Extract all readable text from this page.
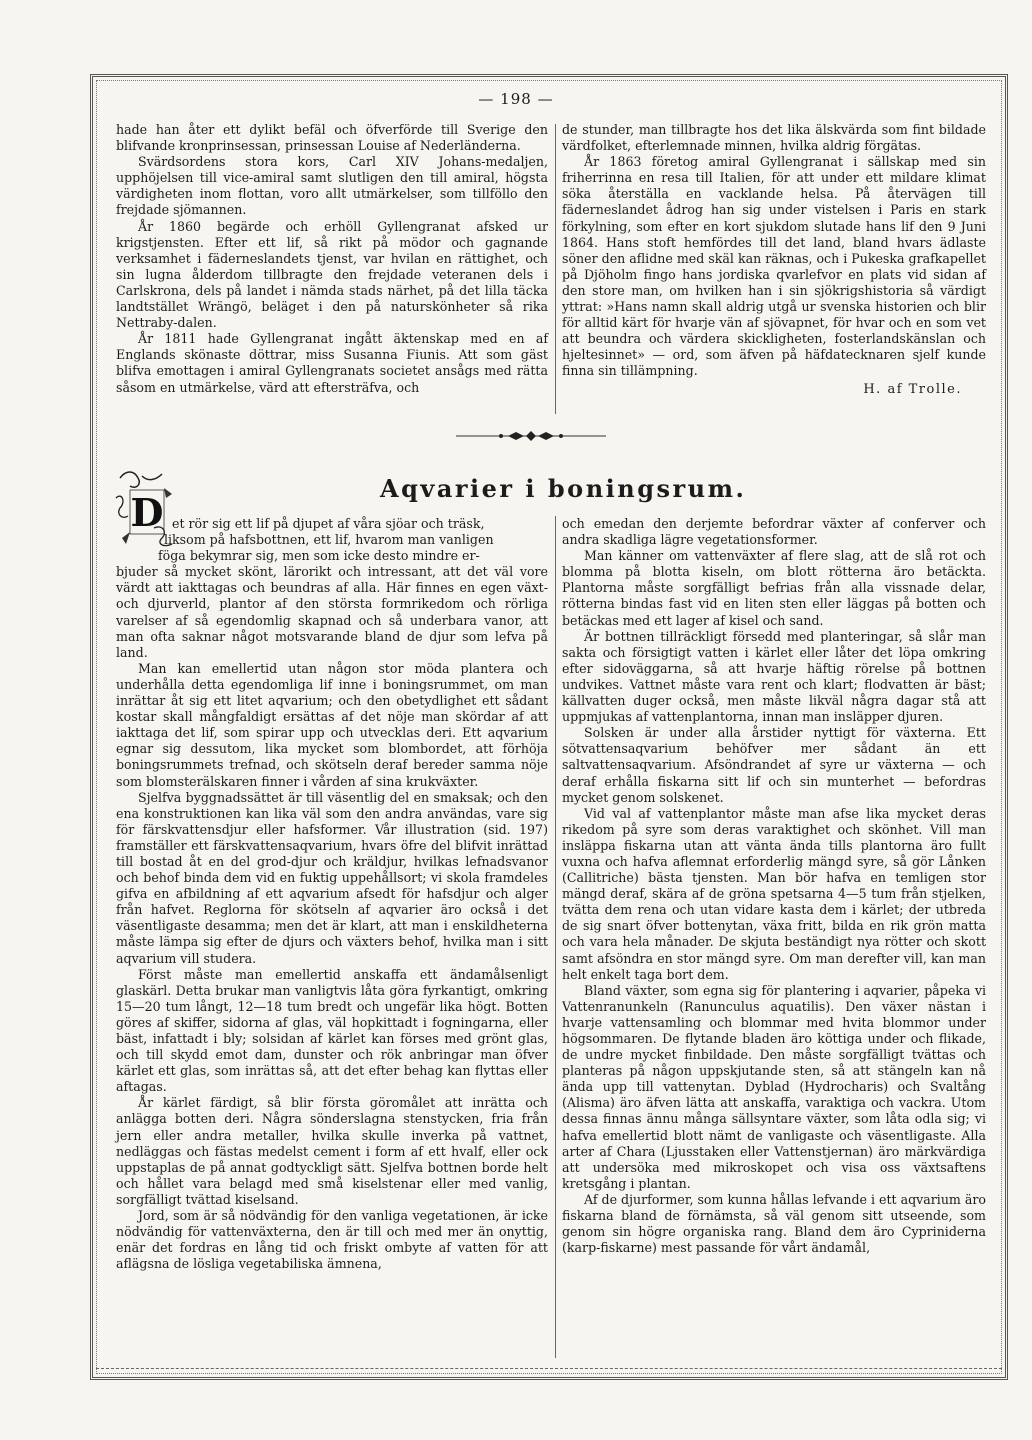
— 198 —

hade han åter ett dylikt befäl och öfverförde till Sverige den blifvande kronprinsessan, prinsessan Louise af Nederländerna.

Svärdsordens stora kors, Carl XIV Johans-medaljen, upphöjelsen till vice-amiral samt slutligen den till amiral, högsta värdigheten inom flottan, voro allt utmärkelser, som tillföllo den frejdade sjömannen.

År 1860 begärde och erhöll Gyllengranat afsked ur krigstjensten. Efter ett lif, så rikt på mödor och gagnande verksamhet i fäderneslandets tjenst, var hvilan en rättighet, och sin lugna ålderdom tillbragte den frejdade veteranen dels i Carlskrona, dels på landet i nämda stads närhet, på det lilla täcka landtstället Wrängö, beläget i den på naturskönheter så rika Nettraby-dalen.

År 1811 hade Gyllengranat ingått äktenskap med en af Englands skönaste döttrar, miss Susanna Fiunis. Att som gäst blifva emottagen i amiral Gyllengranats societet ansågs med rätta såsom en utmärkelse, värd att eftersträfva, och

de stunder, man tillbragte hos det lika älskvärda som fint bildade värdfolket, efterlemnade minnen, hvilka aldrig förgätas.

År 1863 företog amiral Gyllengranat i sällskap med sin friherrinna en resa till Italien, för att under ett mildare klimat söka återställa en vacklande helsa. På återvägen till fäderneslandet ådrog han sig under vistelsen i Paris en stark förkylning, som efter en kort sjukdom slutade hans lif den 9 Juni 1864. Hans stoft hemfördes till det land, bland hvars ädlaste söner den aflidne med skäl kan räknas, och i Pukeska grafkapellet på Djöholm fingo hans jordiska qvarlefvor en plats vid sidan af den store man, om hvilken han i sin sjökrigshistoria så värdigt yttrat: »Hans namn skall aldrig utgå ur svenska historien och blir för alltid kärt för hvarje vän af sjövapnet, för hvar och en som vet att beundra och värdera skickligheten, fosterlandskänslan och hjeltesinnet» — ord, som äfven på häfdatecknaren sjelf kunde finna sin tillämpning.

H. af Trolle.
Aqvarier i boningsrum.
D et rör sig ett lif på djupet af våra sjöar och träsk,
liksom på hafsbottnen, ett lif, hvarom man vanligen
föga bekymrar sig, men som icke desto mindre er-
bjuder så mycket skönt, lärorikt och intressant, att det väl vore värdt att iakttagas och beundras af alla. Här finnes en egen växt- och djurverld, plantor af den största formrikedom och rörliga varelser af så egendomlig skapnad och så underbara vanor, att man ofta saknar något motsvarande bland de djur som lefva på land.

Man kan emellertid utan någon stor möda plantera och underhålla detta egendomliga lif inne i boningsrummet, om man inrättar åt sig ett litet aqvarium; och den obetydlighet ett sådant kostar skall mångfaldigt ersättas af det nöje man skördar af att iakttaga det lif, som spirar upp och utvecklas deri. Ett aqvarium egnar sig dessutom, lika mycket som blombordet, att förhöja boningsrummets trefnad, och skötseln deraf bereder samma nöje som blomsterälskaren finner i vården af sina krukväxter.

Sjelfva byggnadssättet är till väsentlig del en smaksak; och den ena konstruktionen kan lika väl som den andra användas, vare sig för färskvattensdjur eller hafsformer. Vår illustration (sid. 197) framställer ett färskvattensaqvarium, hvars öfre del blifvit inrättad till bostad åt en del grod-djur och kräldjur, hvilkas lefnadsvanor och behof binda dem vid en fuktig uppehållsort; vi skola framdeles gifva en afbildning af ett aqvarium afsedt för hafsdjur och alger från hafvet. Reglorna för skötseln af aqvarier äro också i det väsentligaste desamma; men det är klart, att man i enskildheterna måste lämpa sig efter de djurs och växters behof, hvilka man i sitt aqvarium vill studera.

Först måste man emellertid anskaffa ett ändamålsenligt glaskärl. Detta brukar man vanligtvis låta göra fyrkantigt, omkring 15—20 tum långt, 12—18 tum bredt och ungefär lika högt. Botten göres af skiffer, sidorna af glas, väl hopkittadt i fogningarna, eller bäst, infattadt i bly; solsidan af kärlet kan förses med grönt glas, och till skydd emot dam, dunster och rök anbringar man öfver kärlet ett glas, som inrättas så, att det efter behag kan flyttas eller aftagas.

År kärlet färdigt, så blir första göromålet att inrätta och anlägga botten deri. Några sönderslagna stenstycken, fria från jern eller andra metaller, hvilka skulle inverka på vattnet, nedläggas och fästas medelst cement i form af ett hvalf, eller ock uppstaplas de på annat godtyckligt sätt. Sjelfva bottnen borde helt och hållet vara belagd med små kiselstenar eller med vanlig, sorgfälligt tvättad kiselsand.

Jord, som är så nödvändig för den vanliga vegetationen, är icke nödvändig för vattenväxterna, den är till och med mer än onyttig, enär det fordras en lång tid och friskt ombyte af vatten för att aflägsna de lösliga vegetabiliska ämnena,

och emedan den derjemte befordrar växter af conferver och andra skadliga lägre vegetationsformer.

Man känner om vattenväxter af flere slag, att de slå rot och blomma på blotta kiseln, om blott rötterna äro betäckta. Plantorna måste sorgfälligt befrias från alla vissnade delar, rötterna bindas fast vid en liten sten eller läggas på botten och betäckas med ett lager af kisel och sand.

Är bottnen tillräckligt försedd med planteringar, så slår man sakta och försigtigt vatten i kärlet eller låter det löpa omkring efter sidoväggarna, så att hvarje häftig rörelse på bottnen undvikes. Vattnet måste vara rent och klart; flodvatten är bäst; källvatten duger också, men måste likväl några dagar stå att uppmjukas af vattenplantorna, innan man insläpper djuren.

Solsken är under alla årstider nyttigt för växterna. Ett sötvattensaqvarium behöfver mer sådant än ett saltvattensaqvarium. Afsöndrandet af syre ur växterna — och deraf erhålla fiskarna sitt lif och sin munterhet — befordras mycket genom solskenet.

Vid val af vattenplantor måste man afse lika mycket deras rikedom på syre som deras varaktighet och skönhet. Vill man insläppa fiskarna utan att vänta ända tills plantorna äro fullt vuxna och hafva aflemnat erforderlig mängd syre, så gör Lånken (Callitriche) bästa tjensten. Man bör hafva en temligen stor mängd deraf, skära af de gröna spetsarna 4—5 tum från stjelken, tvätta dem rena och utan vidare kasta dem i kärlet; der utbreda de sig snart öfver bottenytan, växa fritt, bilda en rik grön matta och vara hela månader. De skjuta beständigt nya rötter och skott samt afsöndra en stor mängd syre. Om man derefter vill, kan man helt enkelt taga bort dem.

Bland växter, som egna sig för plantering i aqvarier, påpeka vi Vattenranunkeln (Ranunculus aquatilis). Den växer nästan i hvarje vattensamling och blommar med hvita blommor under högsommaren. De flytande bladen äro köttiga under och flikade, de undre mycket finbildade. Den måste sorgfälligt tvättas och planteras på någon uppskjutande sten, så att stängeln kan nå ända upp till vattenytan. Dyblad (Hydrocharis) och Svaltång (Alisma) äro äfven lätta att anskaffa, varaktiga och vackra. Utom dessa finnas ännu många sällsyntare växter, som låta odla sig; vi hafva emellertid blott nämt de vanligaste och väsentligaste. Alla arter af Chara (Ljusstaken eller Vattenstjernan) äro märkvärdiga att undersöka med mikroskopet och visa oss växtsaftens kretsgång i plantan.

Af de djurformer, som kunna hållas lefvande i ett aqvarium äro fiskarna bland de förnämsta, så väl genom sitt utseende, som genom sin högre organiska rang. Bland dem äro Cypriniderna (karp-fiskarne) mest passande för vårt ändamål,
